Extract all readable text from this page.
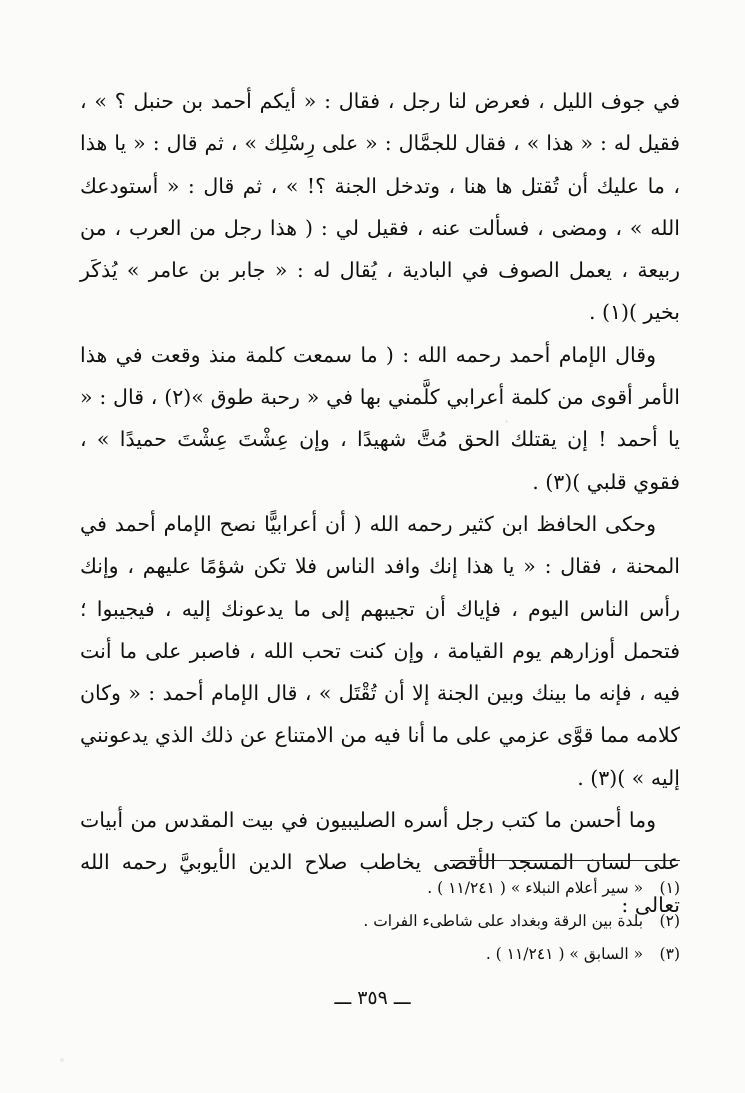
في جوف الليل ، فعرض لنا رجل ، فقال : « أيكم أحمد بن حنبل ؟ » ، فقيل له : « هذا » ، فقال للجمَّال : « على رِسْلِك » ، ثم قال : « يا هذا ، ما عليك أن تُقتل ها هنا ، وتدخل الجنة ؟! » ، ثم قال : « أستودعك الله » ، ومضى ، فسألت عنه ، فقيل لي : ( هذا رجل من العرب ، من ربيعة ، يعمل الصوف في البادية ، يُقال له : « جابر بن عامر » يُذكَر بخير )(١) .

وقال الإمام أحمد رحمه الله : ( ما سمعت كلمة منذ وقعت في هذا الأمر أقوى من كلمة أعرابي كلَّمني بها في « رحبة طوق »(٢) ، قال : « يا أحمد ! إن يقتلك الحق مُتَّ شهيدًا ، وإن عِشْتَ عِشْتَ حميدًا » ، فقوي قلبي )(٣) .

وحكى الحافظ ابن كثير رحمه الله ( أن أعرابيًّا نصح الإمام أحمد في المحنة ، فقال : « يا هذا إنك وافد الناس فلا تكن شؤمًا عليهم ، وإنك رأس الناس اليوم ، فإياك أن تجيبهم إلى ما يدعونك إليه ، فيجيبوا ؛ فتحمل أوزارهم يوم القيامة ، وإن كنت تحب الله ، فاصبر على ما أنت فيه ، فإنه ما بينك وبين الجنة إلا أن تُقْتَل » ، قال الإمام أحمد : « وكان كلامه مما قوَّى عزمي على ما أنا فيه من الامتناع عن ذلك الذي يدعونني إليه » )(٣) .

وما أحسن ما كتب رجل أسره الصليبيون في بيت المقدس من أبيات على لسان المسجد الأقصى يخاطب صلاح الدين الأيوبيَّ رحمه الله تعالى :

(١) « سير أعلام النبلاء » ( ١١/٢٤١ ) .
(٢) بلدة بين الرقة وبغداد على شاطىء الفرات .
(٣) « السابق » ( ١١/٢٤١ ) .
ـــ ٣٥٩ ـــ
